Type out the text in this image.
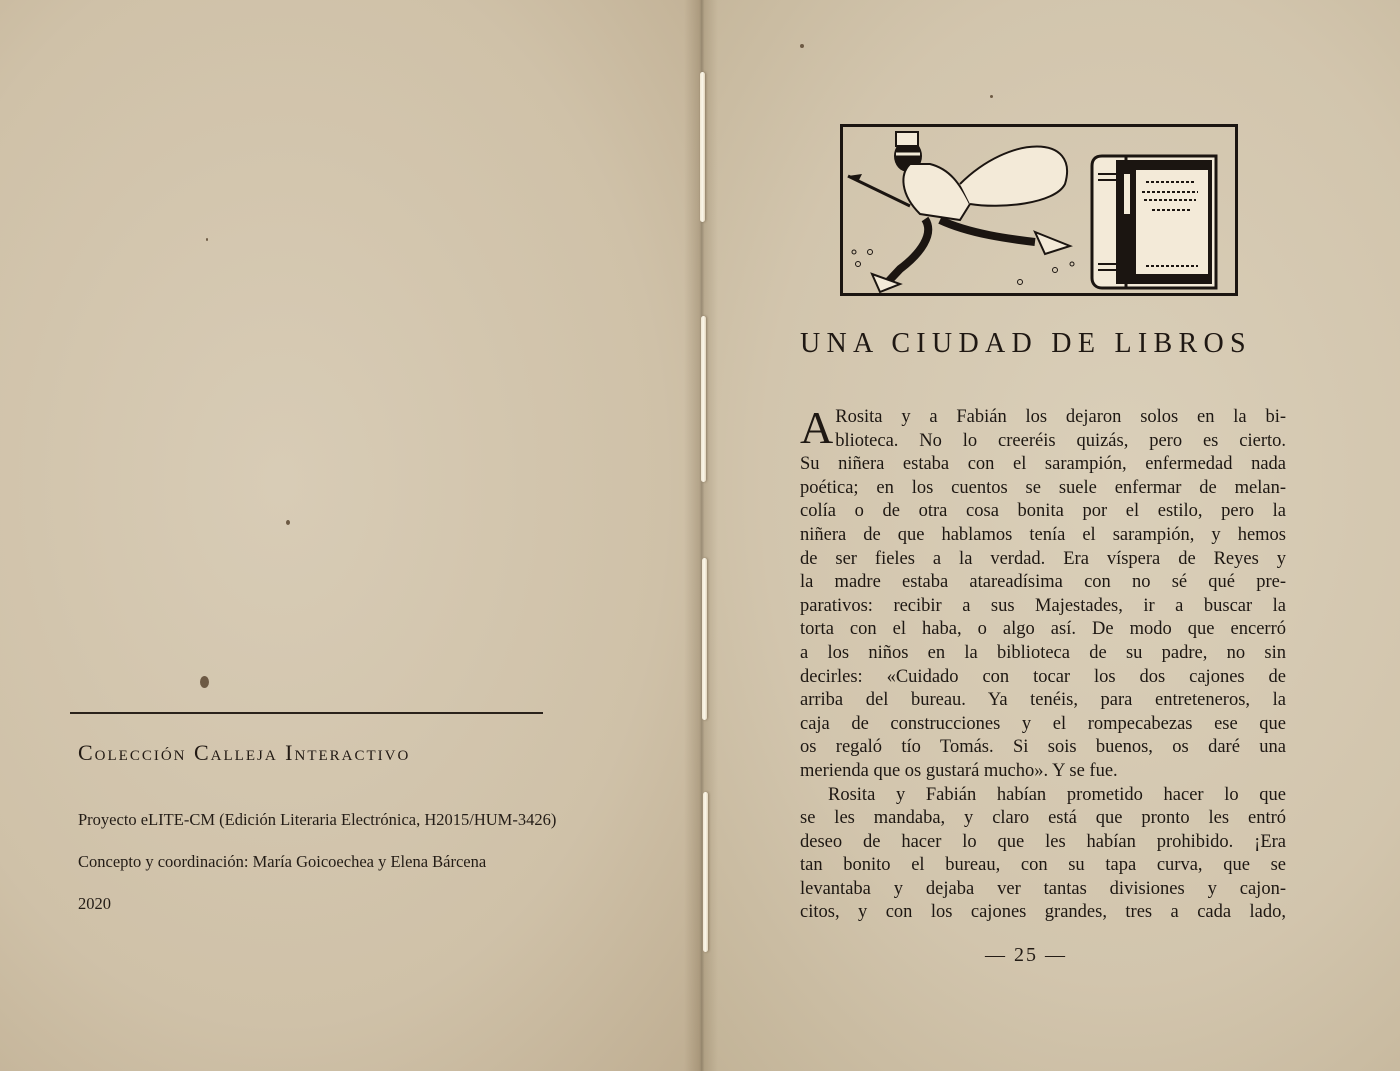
Colección Calleja Interactivo
Proyecto eLITE-CM (Edición Literaria Electrónica, H2015/HUM-3426)
Concepto y coordinación: María Goicoechea y Elena Bárcena
2020
UNA CIUDAD DE LIBROS
A Rosita y a Fabián los dejaron solos en la bi-
blioteca. No lo creeréis quizás, pero es cierto.
Su niñera estaba con el sarampión, enfermedad nada
poética; en los cuentos se suele enfermar de melan-
colía o de otra cosa bonita por el estilo, pero la
niñera de que hablamos tenía el sarampión, y hemos
de ser fieles a la verdad. Era víspera de Reyes y
la madre estaba atareadísima con no sé qué pre-
parativos: recibir a sus Majestades, ir a buscar la
torta con el haba, o algo así. De modo que encerró
a los niños en la biblioteca de su padre, no sin
decirles: «Cuidado con tocar los dos cajones de
arriba del bureau. Ya tenéis, para entreteneros, la
caja de construcciones y el rompecabezas ese que
os regaló tío Tomás. Si sois buenos, os daré una
merienda que os gustará mucho». Y se fue.
Rosita y Fabián habían prometido hacer lo que
se les mandaba, y claro está que pronto les entró
deseo de hacer lo que les habían prohibido. ¡Era
tan bonito el bureau, con su tapa curva, que se
levantaba y dejaba ver tantas divisiones y cajon-
citos, y con los cajones grandes, tres a cada lado,
— 25 —
